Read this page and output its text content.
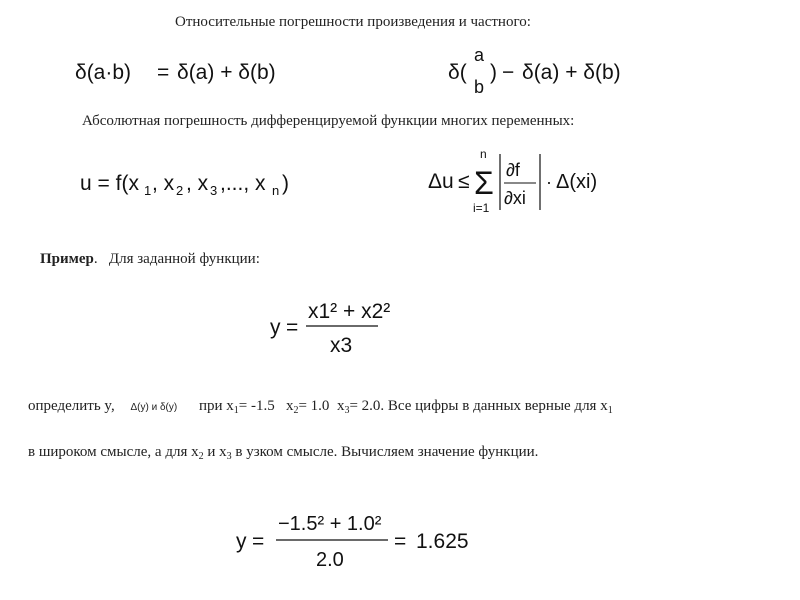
Относительные погрешности произведения и частного:
δ(a·b) = δ(a) + δ(b)	δ(
a
b
) − δ(a) + δ(b)
Абсолютная погрешность дифференцируемой функции многих переменных:
u = f(x 1 , x 2 , x 3 ,..., x n )	Δu ≤
n
Σ
i=1
∂f
∂xi
· Δ(xi)
Пример.   Для заданной функции:
y =
x1² + x2²
x3
определить y, Δ(y) и δ(y) при $x_1= -1.5$ $x_2= 1.0$ $x_3= 2.0$. Все цифры в данных верные для $x_1$
в широком смысле, а для $x_2$ и $x_3$ в узком смысле. Вычисляем значение функции.
y =
−1.5² + 1.0²
2.0
= 1.625
